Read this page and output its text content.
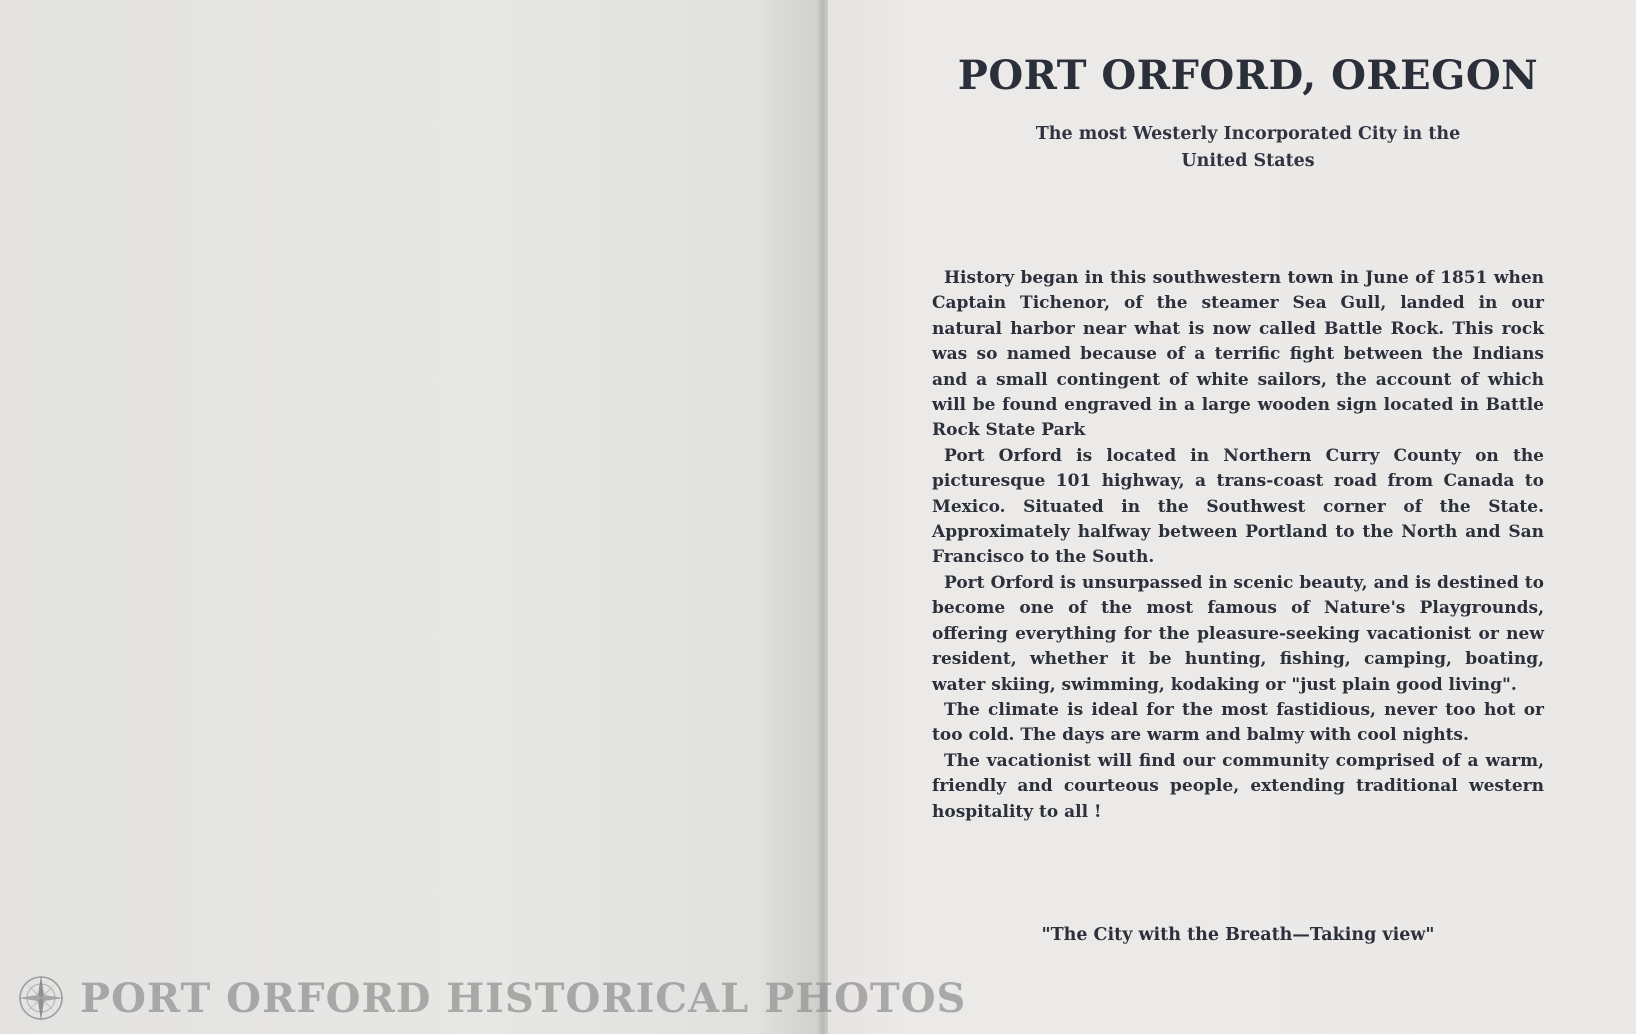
PORT ORFORD, OREGON
The most Westerly Incorporated City in the
United States

History began in this southwestern town in June of 1851 when Captain Tichenor, of the steamer Sea Gull, landed in our natural harbor near what is now called Battle Rock. This rock was so named because of a terrific fight between the Indians and a small contingent of white sailors, the account of which will be found engraved in a large wooden sign located in Battle Rock State Park

Port Orford is located in Northern Curry County on the picturesque 101 highway, a trans-coast road from Canada to Mexico. Situated in the Southwest corner of the State. Approximately halfway between Portland to the North and San Francisco to the South.

Port Orford is unsurpassed in scenic beauty, and is destined to become one of the most famous of Nature's Playgrounds, offering everything for the pleasure-seeking vacationist or new resident, whether it be hunting, fishing, camping, boating, water skiing, swimming, kodaking or "just plain good living".

The climate is ideal for the most fastidious, never too hot or too cold. The days are warm and balmy with cool nights.

The vacationist will find our community comprised of a warm, friendly and courteous people, extending traditional western hospitality to all !

"The City with the Breath—Taking view"
PORT ORFORD HISTORICAL PHOTOS
